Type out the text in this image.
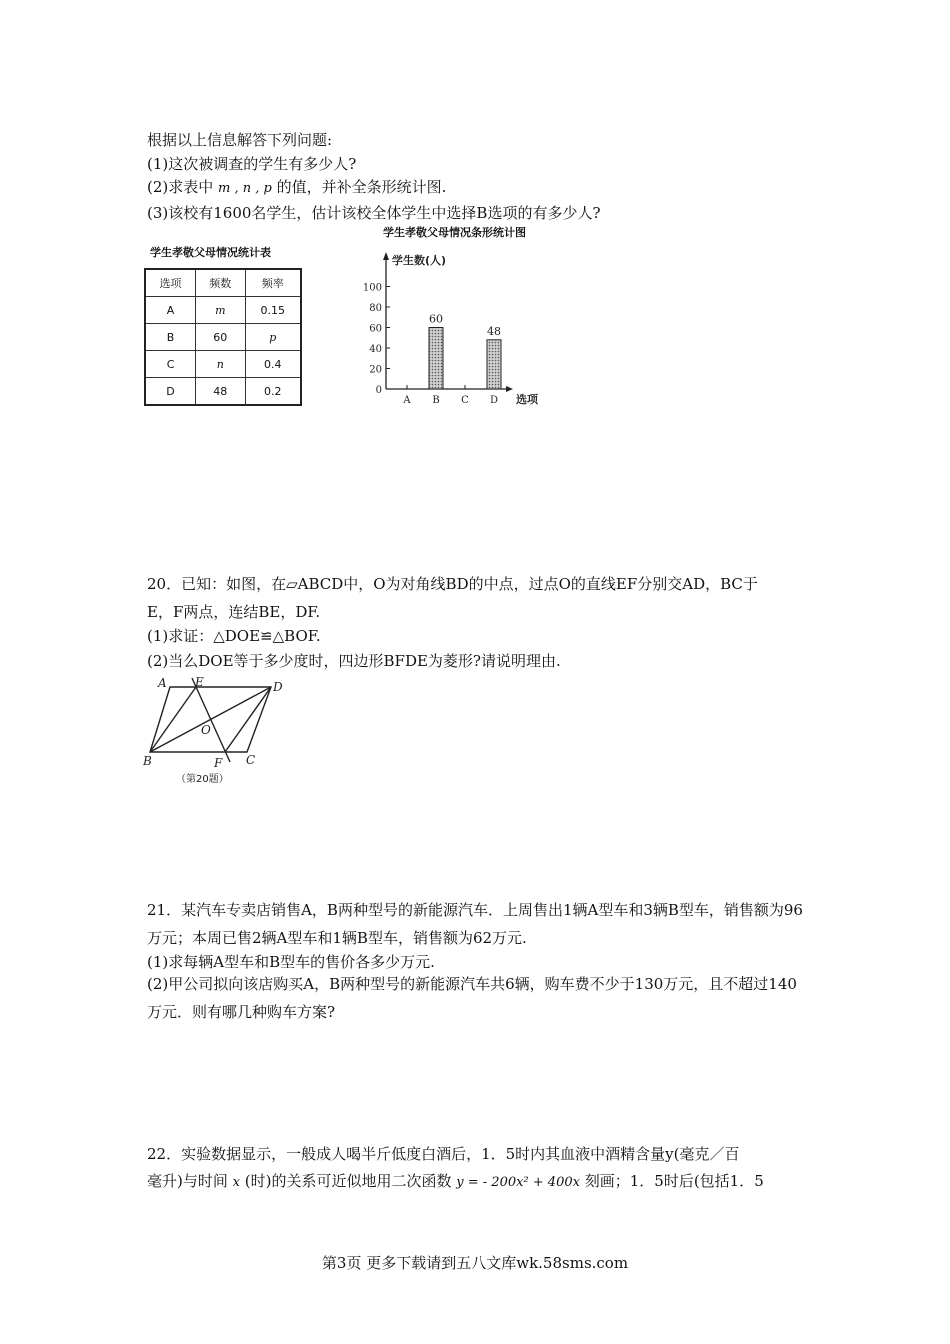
根据以上信息解答下列问题:
(1)这次被调查的学生有多少人?
(2)求表中 m , n , p 的值，并补全条形统计图.
(3)该校有1600名学生，估计该校全体学生中选择B选项的有多少人?
学生孝敬父母情况统计表
选项	频数	频率
A	m	0.15
B	60	p
C	n	0.4
D	48	0.2
学生孝敬父母情况条形统计图
0
20
40
60
80
100
学生数(人)
A B
60
C D
48
选项
20．已知：如图，在▱ABCD中，O为对角线BD的中点，过点O的直线EF分别交AD，BC于
E，F两点，连结BE，DF.
(1)求证：△DOE≌△BOF.
(2)当么DOE等于多少度时，四边形BFDE为菱形?请说明理由.
A E	D
O
B	F C
（第20题）
21．某汽车专卖店销售A，B两种型号的新能源汽车．上周售出1辆A型车和3辆B型车，销售额为96万元；本周已售2辆A型车和1辆B型车，销售额为62万元.
(1)求每辆A型车和B型车的售价各多少万元.
(2)甲公司拟向该店购买A，B两种型号的新能源汽车共6辆，购车费不少于130万元，且不超过140万元．则有哪几种购车方案?
22．实验数据显示，一般成人喝半斤低度白酒后，1．5时内其血液中酒精含量y(毫克／百
毫升)与时间 x (时)的关系可近似地用二次函数 y = - 200x² + 400x 刻画；1．5时后(包括1．5
第3页 更多下载请到五八文库wk.58sms.com
